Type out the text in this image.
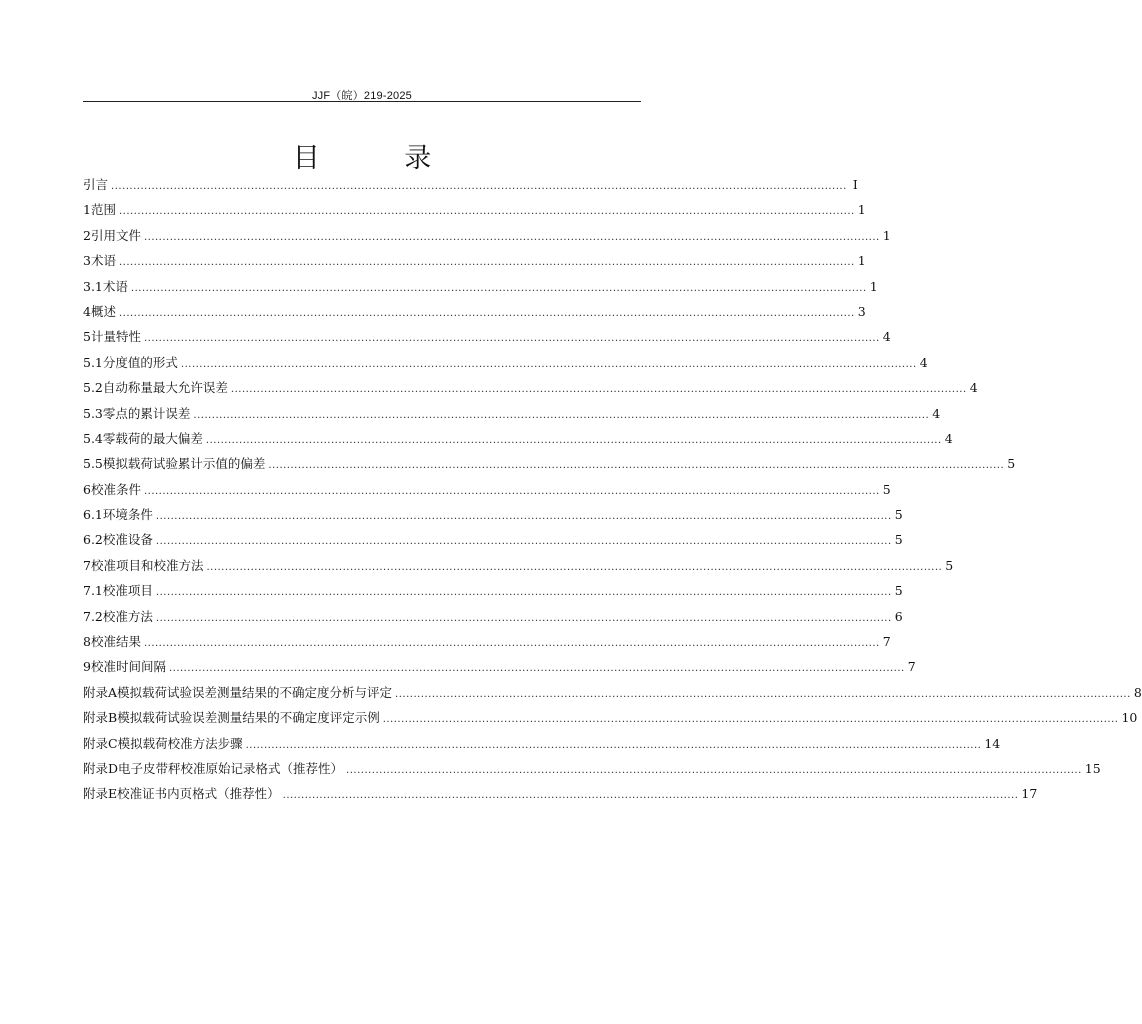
JJF（皖）219-2025
目 录
引 言 ........................................................................................................................................................................................................ I
1 范围 ........................................................................................................................................................................................................ 1
2 引用文件 ........................................................................................................................................................................................................ 1
3 术语 ........................................................................................................................................................................................................ 1
3.1 术语 ........................................................................................................................................................................................................ 1
4 概述 ........................................................................................................................................................................................................ 3
5 计量特性 ........................................................................................................................................................................................................ 4
5.1 分度值的形式 ........................................................................................................................................................................................................ 4
5.2 自动称量最大允许误差 ........................................................................................................................................................................................................ 4
5.3 零点的累计误差 ........................................................................................................................................................................................................ 4
5.4 零载荷的最大偏差 ........................................................................................................................................................................................................ 4
5.5 模拟载荷试验累计示值的偏差 ........................................................................................................................................................................................................ 5
6 校准条件 ........................................................................................................................................................................................................ 5
6.1 环境条件 ........................................................................................................................................................................................................ 5
6.2 校准设备 ........................................................................................................................................................................................................ 5
7 校准项目和校准方法 ........................................................................................................................................................................................................ 5
7.1 校准项目 ........................................................................................................................................................................................................ 5
7.2 校准方法 ........................................................................................................................................................................................................ 6
8 校准结果 ........................................................................................................................................................................................................ 7
9 校准时间间隔 ........................................................................................................................................................................................................ 7
附录A 模拟载荷试验误差测量结果的不确定度分析与评定 ........................................................................................................................................................................................................ 8
附录B 模拟载荷试验误差测量结果的不确定度评定示例 ........................................................................................................................................................................................................ 10
附录C 模拟载荷校准方法步骤 ........................................................................................................................................................................................................ 14
附录D 电子皮带秤校准原始记录格式（推荐性） ........................................................................................................................................................................................................ 15
附录E 校准证书内页格式（推荐性） ........................................................................................................................................................................................................ 17
